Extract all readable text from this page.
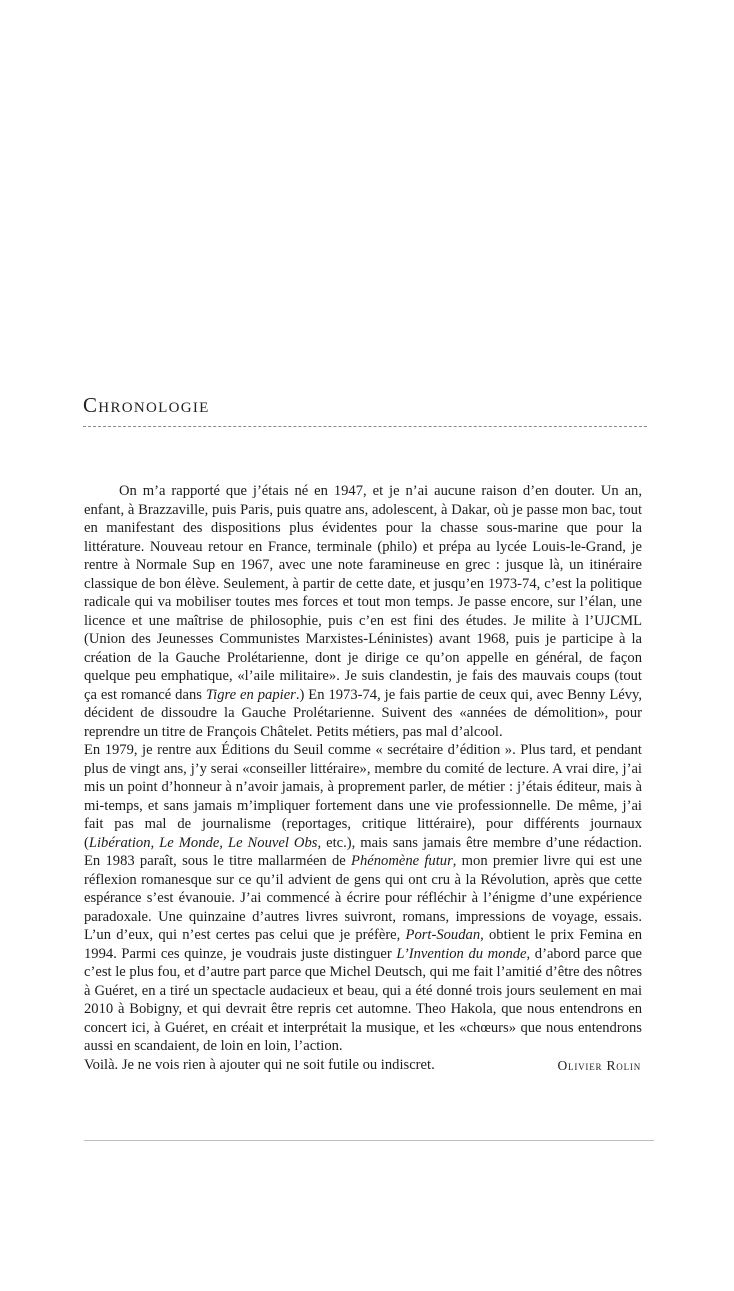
Chronologie

On m’a rapporté que j’étais né en 1947, et je n’ai aucune raison d’en douter. Un an, enfant, à Brazzaville, puis Paris, puis quatre ans, adolescent, à Dakar, où je passe mon bac, tout en manifestant des dispositions plus évidentes pour la chasse sous-marine que pour la littérature. Nouveau retour en France, terminale (philo) et prépa au lycée Louis-le-Grand, je rentre à Normale Sup en 1967, avec une note faramineuse en grec : jusque là, un itinéraire classique de bon élève. Seulement, à partir de cette date, et jusqu’en 1973-74, c’est la politique radicale qui va mobiliser toutes mes forces et tout mon temps. Je passe encore, sur l’élan, une licence et une maîtrise de philosophie, puis c’en est fini des études. Je milite à l’UJCML (Union des Jeunesses Communistes Marxistes-Léninistes) avant 1968, puis je participe à la création de la Gauche Prolétarienne, dont je dirige ce qu’on appelle en général, de façon quelque peu emphatique, «l’aile militaire». Je suis clandestin, je fais des mauvais coups (tout ça est romancé dans Tigre en papier.) En 1973-74, je fais partie de ceux qui, avec Benny Lévy, décident de dissoudre la Gauche Prolétarienne. Suivent des «années de démolition», pour reprendre un titre de François Châtelet. Petits métiers, pas mal d’alcool.

En 1979, je rentre aux Éditions du Seuil comme « secrétaire d’édition ». Plus tard, et pendant plus de vingt ans, j’y serai «conseiller littéraire», membre du comité de lecture. A vrai dire, j’ai mis un point d’honneur à n’avoir jamais, à proprement parler, de métier : j’étais éditeur, mais à mi-temps, et sans jamais m’impliquer fortement dans une vie professionnelle. De même, j’ai fait pas mal de journalisme (reportages, critique littéraire), pour différents journaux (Libération, Le Monde, Le Nouvel Obs, etc.), mais sans jamais être membre d’une rédaction. En 1983 paraît, sous le titre mallarméen de Phénomène futur, mon premier livre qui est une réflexion romanesque sur ce qu’il advient de gens qui ont cru à la Révolution, après que cette espérance s’est évanouie. J’ai commencé à écrire pour réfléchir à l’énigme d’une expérience paradoxale. Une quinzaine d’autres livres suivront, romans, impressions de voyage, essais. L’un d’eux, qui n’est certes pas celui que je préfère, Port-Soudan, obtient le prix Femina en 1994. Parmi ces quinze, je voudrais juste distinguer L’Invention du monde, d’abord parce que c’est le plus fou, et d’autre part parce que Michel Deutsch, qui me fait l’amitié d’être des nôtres à Guéret, en a tiré un spectacle audacieux et beau, qui a été donné trois jours seulement en mai 2010 à Bobigny, et qui devrait être repris cet automne. Theo Hakola, que nous entendrons en concert ici, à Guéret, en créait et interprétait la musique, et les «chœurs» que nous entendrons aussi en scandaient, de loin en loin, l’action.

Voilà. Je ne vois rien à ajouter qui ne soit futile ou indiscret.	Olivier Rolin
